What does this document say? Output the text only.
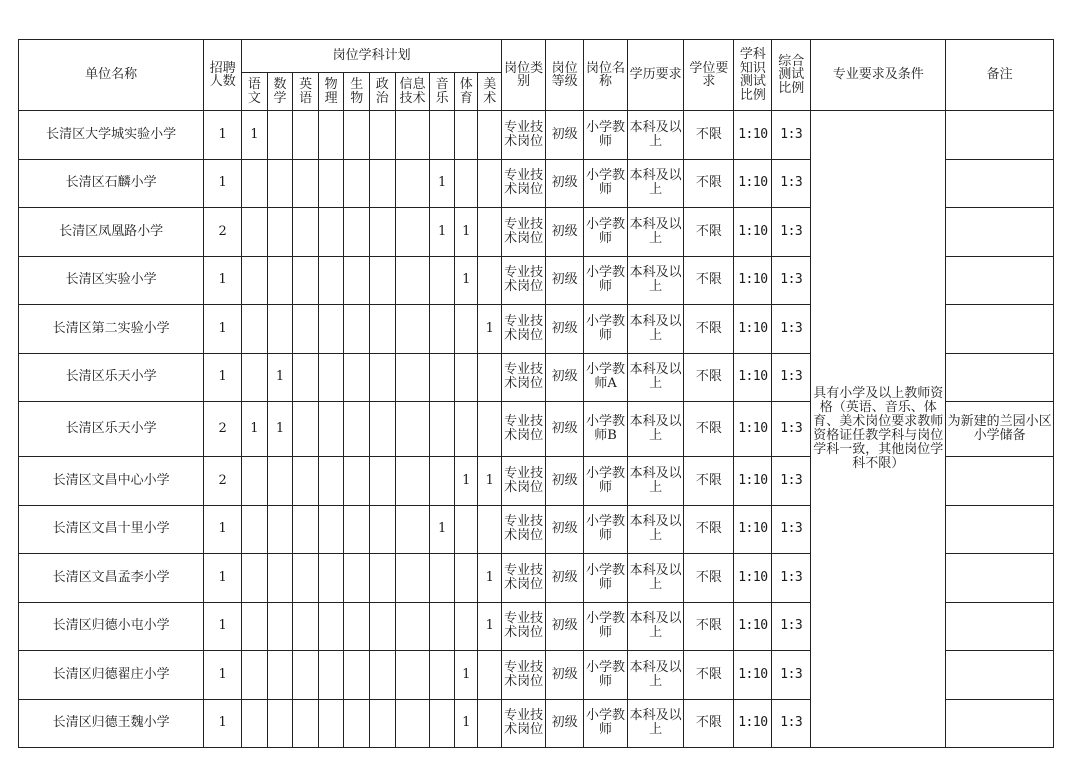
单位名称	招聘人数	岗位学科计划										岗位类别	岗位等级	岗位名称	学历要求	学位要求	学科知识测试比例	综合测试比例	专业要求及条件	备注
		语文	数学	英语	物理	生物	政治	信息技术	音乐	体育	美术									
长清区大学城实验小学	1	1										专业技术岗位	初级	小学教师	本科及以上	不限	1:10	1:3	具有小学及以上教师资格（英语、音乐、体育、美术岗位要求教师资格证任教学科与岗位学科一致，其他岗位学科不限）	
长清区石麟小学	1								1			专业技术岗位	初级	小学教师	本科及以上	不限	1:10	1:3		
长清区凤凰路小学	2								1	1		专业技术岗位	初级	小学教师	本科及以上	不限	1:10	1:3		
长清区实验小学	1									1		专业技术岗位	初级	小学教师	本科及以上	不限	1:10	1:3		
长清区第二实验小学	1										1	专业技术岗位	初级	小学教师	本科及以上	不限	1:10	1:3		
长清区乐天小学	1		1									专业技术岗位	初级	小学教师A	本科及以上	不限	1:10	1:3		
长清区乐天小学	2	1	1									专业技术岗位	初级	小学教师B	本科及以上	不限	1:10	1:3		为新建的兰园小区小学储备
长清区文昌中心小学	2									1	1	专业技术岗位	初级	小学教师	本科及以上	不限	1:10	1:3		
长清区文昌十里小学	1								1			专业技术岗位	初级	小学教师	本科及以上	不限	1:10	1:3		
长清区文昌孟李小学	1										1	专业技术岗位	初级	小学教师	本科及以上	不限	1:10	1:3		
长清区归德小屯小学	1										1	专业技术岗位	初级	小学教师	本科及以上	不限	1:10	1:3		
长清区归德翟庄小学	1									1		专业技术岗位	初级	小学教师	本科及以上	不限	1:10	1:3		
长清区归德王魏小学	1									1		专业技术岗位	初级	小学教师	本科及以上	不限	1:10	1:3		
